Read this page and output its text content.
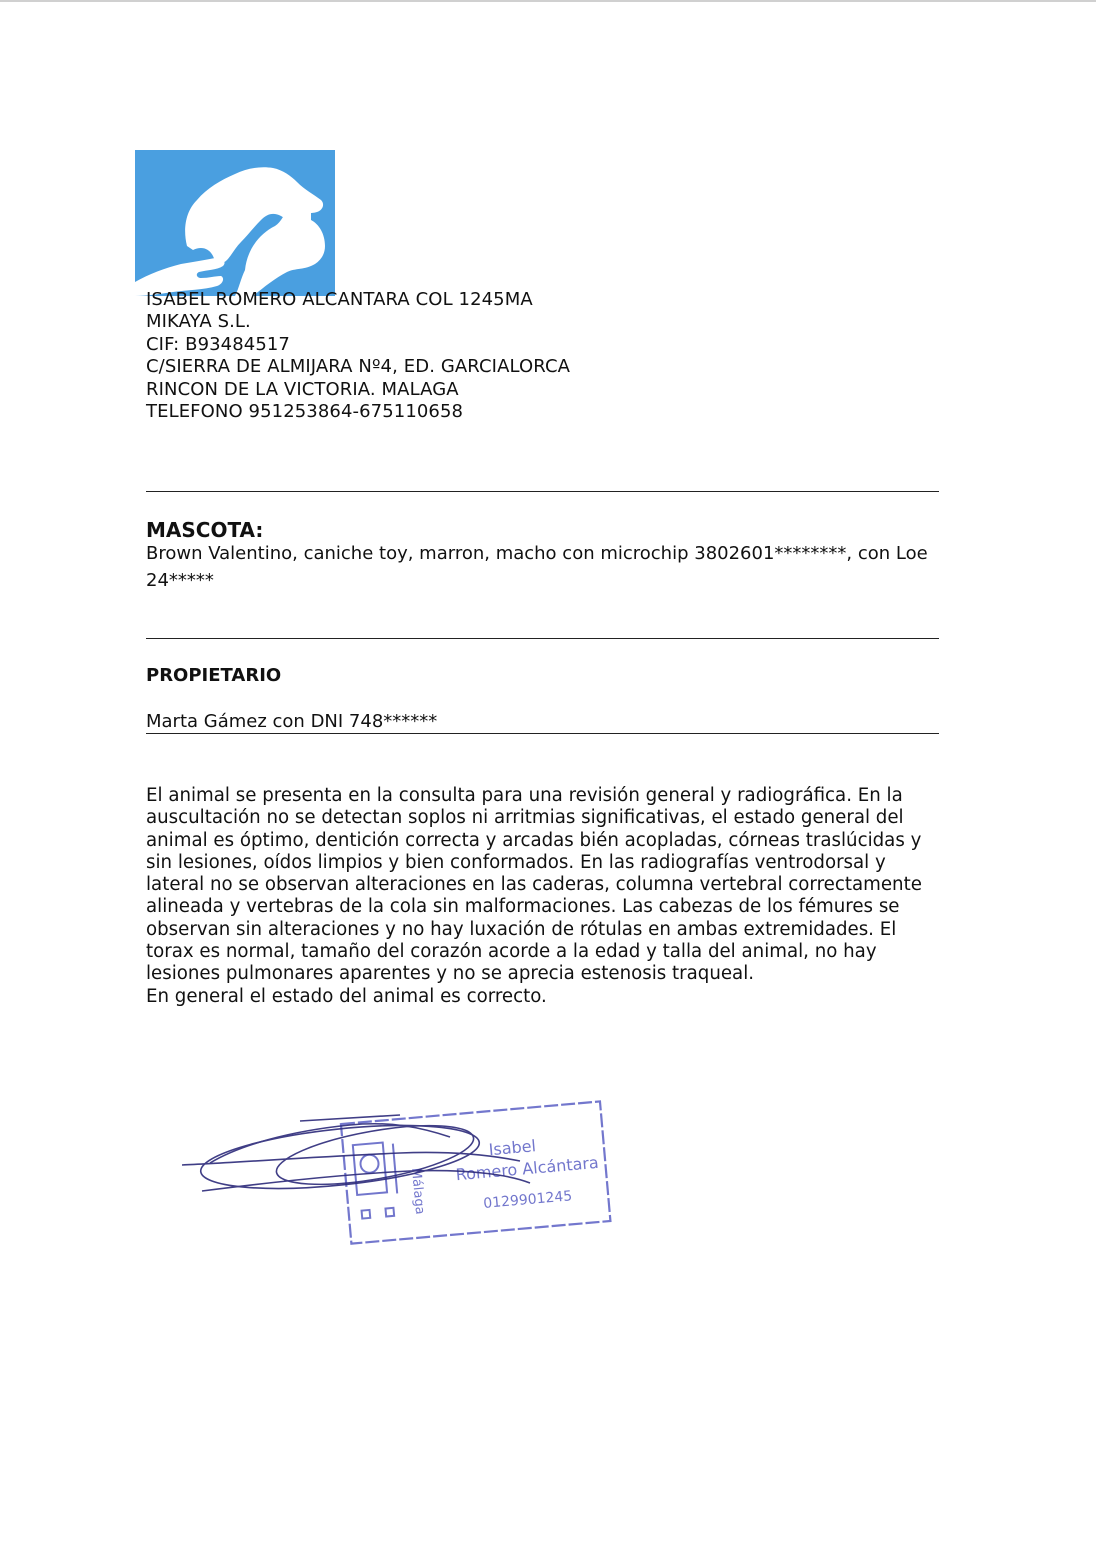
ISABEL ROMERO ALCANTARA COL 1245MA
MIKAYA S.L.
CIF: B93484517
C/SIERRA DE ALMIJARA Nº4, ED. GARCIALORCA
RINCON DE LA VICTORIA. MALAGA
TELEFONO 951253864-675110658
MASCOTA:
Brown Valentino, caniche toy, marron, macho con microchip 3802601********, con Loe
24*****
PROPIETARIO
Marta Gámez con DNI 748******

El animal se presenta en la consulta para una revisión general y radiográfica. En la auscultación no se detectan soplos ni arritmias significativas, el estado general del animal es óptimo, dentición correcta y arcadas bién acopladas, córneas traslúcidas y sin lesiones, oídos limpios y bien conformados. En las radiografías ventrodorsal y lateral no se observan alteraciones en las caderas, columna vertebral correctamente alineada y vertebras de la cola sin malformaciones. Las cabezas de los fémures se observan sin alteraciones y no hay luxación de rótulas en ambas extremidades. El torax es normal, tamaño del corazón acorde a la edad y talla del animal, no hay lesiones pulmonares aparentes y no se aprecia estenosis traqueal.

En general el estado del animal es correcto.

Málaga
Isabel
Romero Alcántara
0129901245
